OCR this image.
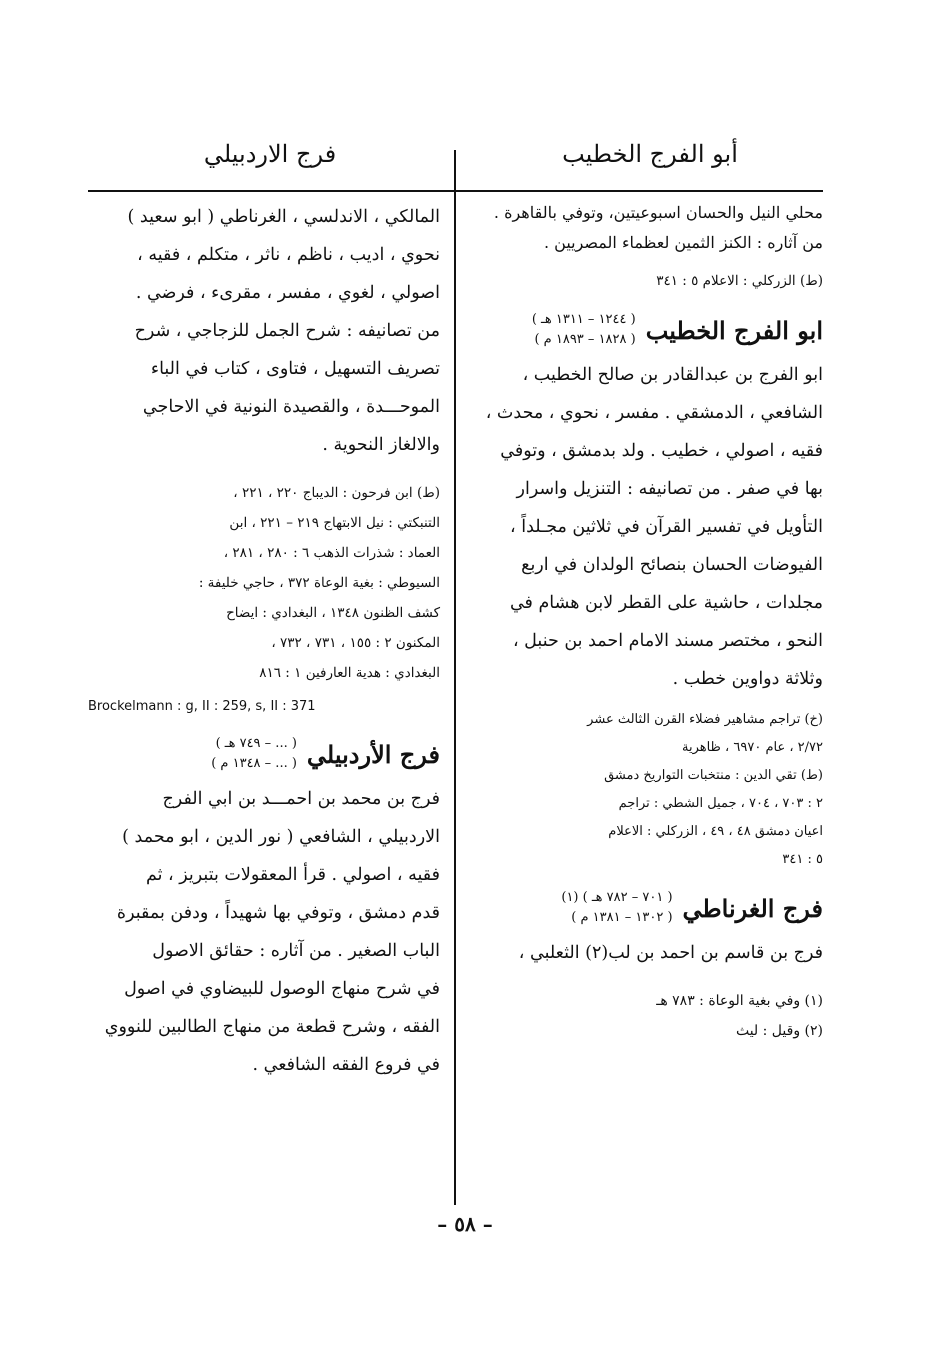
أبو الفرج الخطيب
فرج الاردبيلي

محلي النيل والحسان اسبوعيتين، وتوفي بالقاهرة .

من آثاره : الكنز الثمين لعظماء المصريين .

(ط) الزركلي : الاعلام ٥ : ٣٤١

ابو الفرج الخطيب
( ١٢٤٤ – ١٣١١ هـ )
( ١٨٢٨ – ١٨٩٣ م )

ابو الفرج بن عبدالقادر بن صالح الخطيب ،

الشافعي ، الدمشقي . مفسر ، نحوي ، محدث ،

فقيه ، اصولي ، خطيب . ولد بدمشق ، وتوفي

بها في صفر . من تصانيفه : التنزيل واسرار

التأويل في تفسير القرآن في ثلاثين مجـلداً ،

الفيوضات الحسان بنصائح الولدان في اربع

مجلدات ، حاشية على القطر لابن هشام في

النحو ، مختصر مسند الامام احمد بن حنبل ،

وثلاثة دواوين خطب .

(خ) تراجم مشاهير فضلاء القرن الثالث عشر

٢/٧٢ ، عام ٦٩٧٠ ، ظاهرية

(ط) تقي الدين : منتخبات التواريخ دمشق

٢ : ٧٠٣ ، ٧٠٤ ، جميل الشطي : تراجم

اعيان دمشق ٤٨ ، ٤٩ ، الزركلي : الاعلام

٥ : ٣٤١

فرج الغرناطي
( ٧٠١ – ٧٨٢ هـ ) (١)
( ١٣٠٢ – ١٣٨١ م )

فرج بن قاسم بن احمد بن لب(٢) الثعلبي ،

(١) وفي بغية الوعاة : ٧٨٣ هـ

(٢) وقيل : ليث

المالكي ، الاندلسي ، الغرناطي ( ابو سعيد )

نحوي ، اديب ، ناظم ، ناثر ، متكلم ، فقيه ،

اصولي ، لغوي ، مفسر ، مقرىء ، فرضي .

من تصانيفه : شرح الجمل للزجاجي ، شرح

تصريف التسهيل ، فتاوى ، كتاب في الباء

الموحـــدة ، والقصيدة النونية في الاحاجي

والالغاز النحوية .

(ط) ابن فرحون : الديباج ٢٢٠ ، ٢٢١ ،

التنبكتي : نيل الابتهاج ٢١٩ – ٢٢١ ، ابن

العماد : شذرات الذهب ٦ : ٢٨٠ ، ٢٨١ ،

السيوطي : بغية الوعاة ٣٧٢ ، حاجي خليفة :

كشف الظنون ١٣٤٨ ، البغدادي : ايضاح

المكنون ٢ : ١٥٥ ، ٧٣١ ، ٧٣٢ ،

البغدادي : هدية العارفين ١ : ٨١٦

Brockelmann : g, II : 259, s, II : 371

فرج الأردبيلي
( ... – ٧٤٩ هـ )
( ... – ١٣٤٨ م )

فرج بن محمد بن احمـــد بن ابي الفرج

الاردبيلي ، الشافعي ( نور الدين ، ابو محمد )

فقيه ، اصولي . قرأ المعقولات بتبريز ، ثم

قدم دمشق ، وتوفي بها شهيداً ، ودفن بمقبرة

الباب الصغير . من آثاره : حقائق الاصول

في شرح منهاج الوصول للبيضاوي في اصول

الفقه ، وشرح قطعة من منهاج الطالبين للنووي

في فروع الفقه الشافعي .

– ٥٨ –
